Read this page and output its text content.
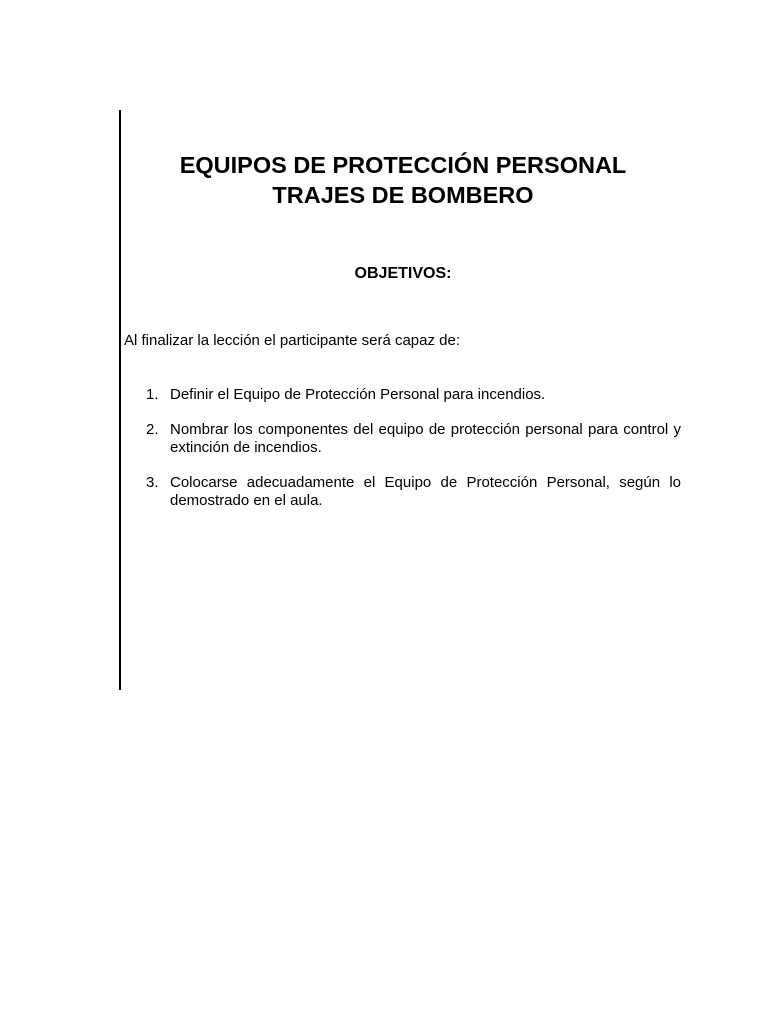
EQUIPOS DE PROTECCIÓN PERSONAL
TRAJES DE BOMBERO
OBJETIVOS:
Al finalizar la lección el participante será capaz de:
1. Definir el Equipo de Protección Personal para incendios.
2. Nombrar los componentes del equipo de protección personal para control y extinción de incendios.
3. Colocarse adecuadamente el Equipo de Protección Personal, según lo demostrado en el aula.
